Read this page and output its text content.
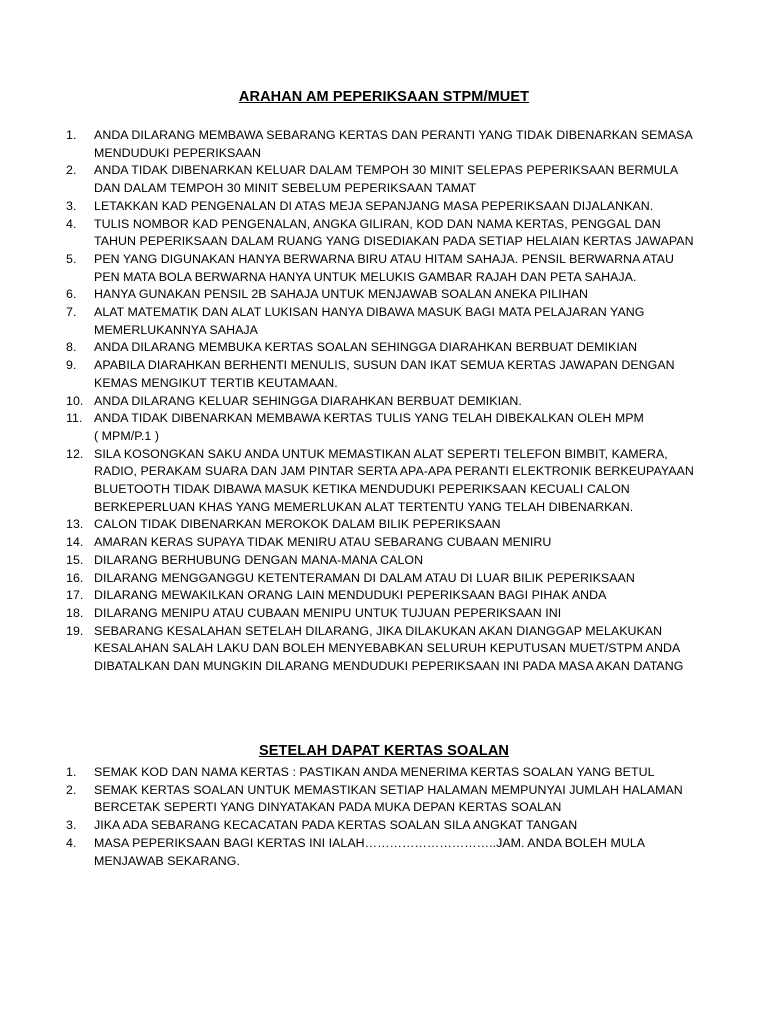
ARAHAN AM PEPERIKSAAN STPM/MUET
1.	ANDA DILARANG MEMBAWA SEBARANG KERTAS DAN PERANTI YANG TIDAK DIBENARKAN SEMASA
MENDUDUKI PEPERIKSAAN
2.	ANDA TIDAK DIBENARKAN KELUAR DALAM TEMPOH 30 MINIT SELEPAS PEPERIKSAAN BERMULA
DAN DALAM TEMPOH 30 MINIT SEBELUM PEPERIKSAAN TAMAT
3.	LETAKKAN KAD PENGENALAN DI ATAS MEJA SEPANJANG MASA PEPERIKSAAN DIJALANKAN.
4.	TULIS NOMBOR KAD PENGENALAN, ANGKA GILIRAN, KOD DAN NAMA KERTAS, PENGGAL DAN
TAHUN PEPERIKSAAN DALAM RUANG YANG DISEDIAKAN PADA SETIAP HELAIAN KERTAS JAWAPAN
5.	PEN YANG DIGUNAKAN HANYA BERWARNA BIRU ATAU HITAM SAHAJA. PENSIL BERWARNA ATAU
PEN MATA BOLA BERWARNA HANYA UNTUK MELUKIS GAMBAR RAJAH DAN PETA SAHAJA.
6.	HANYA GUNAKAN PENSIL 2B SAHAJA UNTUK MENJAWAB SOALAN ANEKA PILIHAN
7.	ALAT MATEMATIK DAN ALAT LUKISAN HANYA DIBAWA MASUK BAGI MATA PELAJARAN YANG
MEMERLUKANNYA SAHAJA
8.	ANDA DILARANG MEMBUKA KERTAS SOALAN SEHINGGA DIARAHKAN BERBUAT DEMIKIAN
9.	APABILA DIARAHKAN BERHENTI MENULIS, SUSUN DAN IKAT SEMUA KERTAS JAWAPAN DENGAN
KEMAS MENGIKUT TERTIB KEUTAMAAN.
10. ANDA DILARANG KELUAR SEHINGGA DIARAHKAN BERBUAT DEMIKIAN.
11. ANDA TIDAK DIBENARKAN MEMBAWA KERTAS TULIS YANG TELAH DIBEKALKAN OLEH MPM
( MPM/P.1 )
12. SILA KOSONGKAN SAKU ANDA UNTUK MEMASTIKAN ALAT SEPERTI TELEFON BIMBIT, KAMERA,
RADIO, PERAKAM SUARA DAN JAM PINTAR SERTA APA-APA PERANTI ELEKTRONIK BERKEUPAYAAN
BLUETOOTH TIDAK DIBAWA MASUK KETIKA MENDUDUKI PEPERIKSAAN KECUALI CALON
BERKEPERLUAN KHAS YANG MEMERLUKAN ALAT TERTENTU YANG TELAH DIBENARKAN.
13. CALON TIDAK DIBENARKAN MEROKOK DALAM BILIK PEPERIKSAAN
14. AMARAN KERAS SUPAYA TIDAK MENIRU ATAU SEBARANG CUBAAN MENIRU
15. DILARANG BERHUBUNG DENGAN MANA-MANA CALON
16. DILARANG MENGGANGGU KETENTERAMAN DI DALAM ATAU DI LUAR BILIK PEPERIKSAAN
17. DILARANG MEWAKILKAN ORANG LAIN MENDUDUKI PEPERIKSAAN BAGI PIHAK ANDA
18. DILARANG MENIPU ATAU CUBAAN MENIPU UNTUK TUJUAN PEPERIKSAAN INI
19. SEBARANG KESALAHAN SETELAH DILARANG, JIKA DILAKUKAN AKAN DIANGGAP MELAKUKAN
KESALAHAN SALAH LAKU DAN BOLEH MENYEBABKAN SELURUH KEPUTUSAN MUET/STPM ANDA
DIBATALKAN DAN MUNGKIN DILARANG MENDUDUKI PEPERIKSAAN INI PADA MASA AKAN DATANG
SETELAH DAPAT KERTAS SOALAN
1.	SEMAK KOD DAN NAMA KERTAS : PASTIKAN ANDA MENERIMA KERTAS SOALAN YANG BETUL
2.	SEMAK KERTAS SOALAN UNTUK MEMASTIKAN SETIAP HALAMAN MEMPUNYAI JUMLAH HALAMAN
BERCETAK SEPERTI YANG DINYATAKAN PADA MUKA DEPAN KERTAS SOALAN
3.	JIKA ADA SEBARANG KECACATAN PADA KERTAS SOALAN SILA ANGKAT TANGAN
4.	MASA PEPERIKSAAN BAGI KERTAS INI IALAH…………………………..JAM. ANDA BOLEH MULA
MENJAWAB SEKARANG.
